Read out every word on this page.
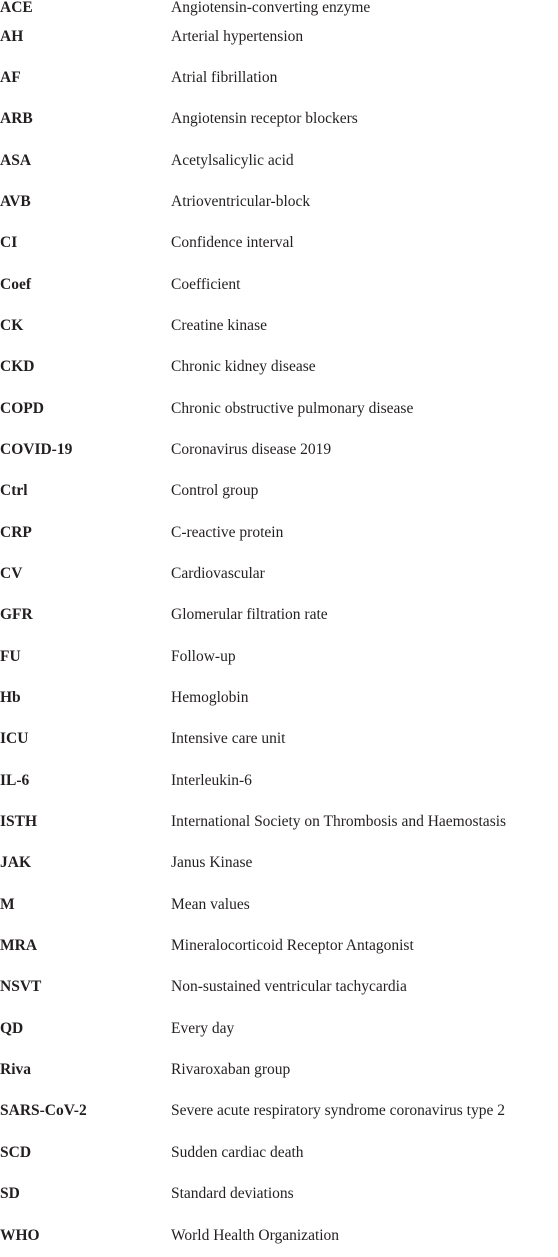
ACE	Angiotensin-converting enzyme
AH	Arterial hypertension
AF	Atrial fibrillation
ARB	Angiotensin receptor blockers
ASA	Acetylsalicylic acid
AVB	Atrioventricular-block
CI	Confidence interval
Coef	Coefficient
CK	Creatine kinase
CKD	Chronic kidney disease
COPD	Chronic obstructive pulmonary disease
COVID-19	Coronavirus disease 2019
Ctrl	Control group
CRP	C-reactive protein
CV	Cardiovascular
GFR	Glomerular filtration rate
FU	Follow-up
Hb	Hemoglobin
ICU	Intensive care unit
IL-6	Interleukin-6
ISTH	International Society on Thrombosis and Haemostasis
JAK	Janus Kinase
M	Mean values
MRA	Mineralocorticoid Receptor Antagonist
NSVT	Non-sustained ventricular tachycardia
QD	Every day
Riva	Rivaroxaban group
SARS-CoV-2	Severe acute respiratory syndrome coronavirus type 2
SCD	Sudden cardiac death
SD	Standard deviations
WHO	World Health Organization
